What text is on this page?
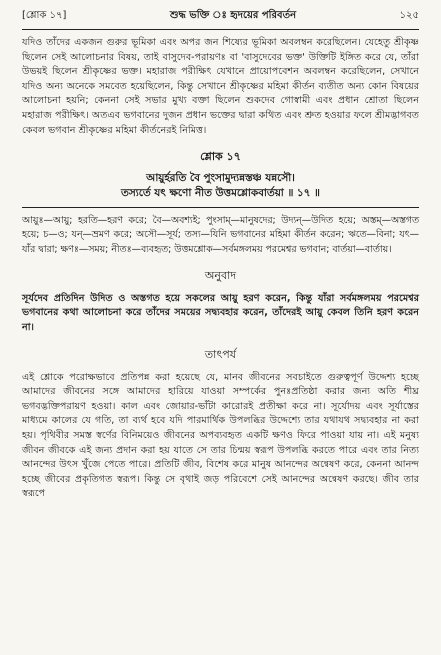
[শ্লোক ১৭]	শুদ্ধ ভক্তি ঃ হৃদয়ের পরিবর্তন	১২৫

যদিও তাঁদের একজন গুরুর ভূমিকা এবং অপর জন শিষ্যের ভূমিকা অবলম্বন করেছিলেন। যেহেতু শ্রীকৃষ্ণ ছিলেন সেই আলোচনার বিষয়, তাই বাসুদেব-পরায়ণঃ বা 'বাসুদেবের ভক্ত' উক্তিটি ইঙ্গিত করে যে, তাঁরা উভয়ই ছিলেন শ্রীকৃষ্ণের ভক্ত। মহারাজ পরীক্ষিৎ যেখানে প্রায়োপবেশন অবলম্বন করেছিলেন, সেখানে যদিও অন্য অনেকে সমবেত হয়েছিলেন, কিন্তু সেখানে শ্রীকৃষ্ণের মহিমা কীর্তন ব্যতীত অন্য কোন বিষয়ের আলোচনা হয়নি; কেননা সেই সভার মুখ্য বক্তা ছিলেন শুকদেব গোস্বামী এবং প্রধান শ্রোতা ছিলেন মহারাজ পরীক্ষিৎ। অতএব ভগবানের দুজন প্রধান ভক্তের দ্বারা কথিত এবং শ্রুত হওয়ার ফলে শ্রীমদ্ভাগবত কেবল ভগবান শ্রীকৃষ্ণের মহিমা কীর্তনেরই নিমিত্ত।

শ্লোক ১৭

আয়ুর্হরতি বৈ পুংসামুদ্যন্নস্তঞ্চ যন্নসৌ।

তস্যর্তে যৎ ক্ষণো নীত উত্তমশ্লোকবার্তয়া ॥ ১৭ ॥

আয়ুঃ—আয়ু; হরতি—হরণ করে; বৈ—অবশ্যই; পুংসাম্—মানুষদের; উদ্যন্—উদিত হয়ে; অস্তম্—অস্তগত হয়ে; চ—ও; যন্—ভ্রমণ করে; অসৌ—সূর্য; তস্য—যিনি ভগবানের মহিমা কীর্তন করেন; ঋতে—বিনা; যৎ—যাঁর দ্বারা; ক্ষণঃ—সময়; নীতঃ—ব্যবহৃত; উত্তমশ্লোক—সর্বমঙ্গলময় পরমেশ্বর ভগবান; বার্তয়া—বার্তায়।

অনুবাদ

সূর্যদেব প্রতিদিন উদিত ও অস্তগত হয়ে সকলের আয়ু হরণ করেন, কিন্তু যাঁরা সর্বমঙ্গলময় পরমেশ্বর ভগবানের কথা আলোচনা করে তাঁদের সময়ের সদ্ব্যবহার করেন, তাঁদেরই আয়ু কেবল তিনি হরণ করেন না।

তাৎপর্য

এই শ্লোকে পরোক্ষভাবে প্রতিপন্ন করা হয়েছে যে, মানব জীবনের সবচাইতে গুরুত্বপূর্ণ উদ্দেশ্য হচ্ছে আমাদের জীবনের সঙ্গে আমাদের হারিয়ে যাওয়া সম্পর্কের পুনঃপ্রতিষ্ঠা করার জন্য অতি শীঘ্র ভগবদ্ভক্তিপরায়ণ হওয়া। কাল এবং জোয়ার-ভাঁটা কারোরই প্রতীক্ষা করে না। সূর্যোদয় এবং সূর্যাস্তের মাধ্যমে কালের যে গতি, তা ব্যর্থ হবে যদি পারমার্থিক উপলব্ধির উদ্দেশ্যে তার যথাযথ সদ্ব্যবহার না করা হয়। পৃথিবীর সমস্ত স্বর্ণের বিনিময়েও জীবনের অপব্যবহৃত একটি ক্ষণও ফিরে পাওয়া যায় না। এই মনুষ্য জীবন জীবকে এই জন্য প্রদান করা হয় যাতে সে তার চিন্ময় স্বরূপ উপলব্ধি করতে পারে এবং তার নিত্য আনন্দের উৎস খুঁজে পেতে পারে। প্রতিটি জীব, বিশেষ করে মানুষ আনন্দের অন্বেষণ করে, কেননা আনন্দ হচ্ছে জীবের প্রকৃতিগত স্বরূপ। কিন্তু সে বৃথাই জড় পরিবেশে সেই আনন্দের অন্বেষণ করছে। জীব তার স্বরূপে
